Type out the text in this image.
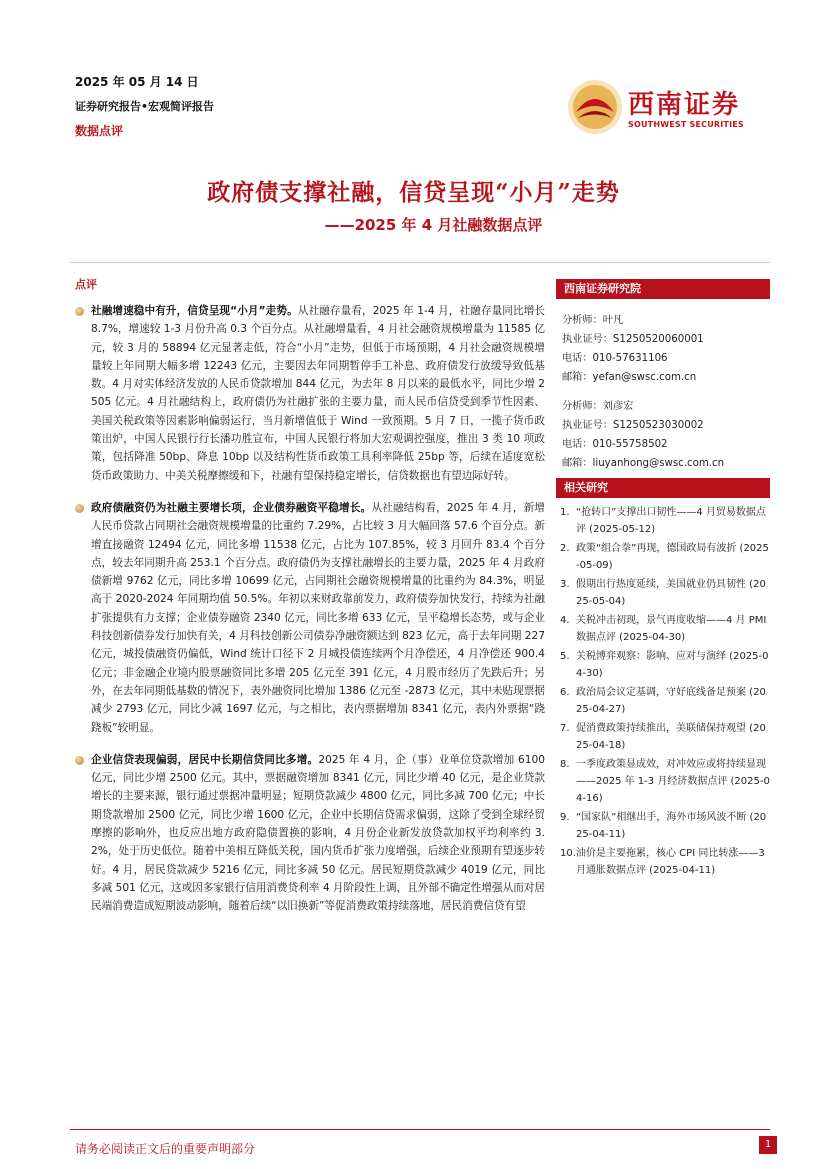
2025 年 05 月 14 日
证券研究报告•宏观简评报告
数据点评
西南证券
SOUTHWEST SECURITIES
政府债支撑社融，信贷呈现“小月”走势
——2025 年 4 月社融数据点评
点评
社融增速稳中有升，信贷呈现“小月”走势。从社融存量看，2025 年 1-4 月，社融存量同比增长 8.7%，增速较 1-3 月份升高 0.3 个百分点。从社融增量看，4 月社会融资规模增量为 11585 亿元，较 3 月的 58894 亿元显著走低，符合“小月”走势，但低于市场预期，4 月社会融资规模增量较上年同期大幅多增 12243 亿元，主要因去年同期暂停手工补息、政府债发行放缓导致低基数。4 月对实体经济发放的人民币贷款增加 844 亿元，为去年 8 月以来的最低水平，同比少增 2505 亿元。4 月社融结构上，政府债仍为社融扩张的主要力量，而人民币信贷受到季节性因素、美国关税政策等因素影响偏弱运行，当月新增值低于 Wind 一致预期。5 月 7 日，一揽子货币政策出炉，中国人民银行行长潘功胜宣布，中国人民银行将加大宏观调控强度，推出 3 类 10 项政策，包括降准 50bp、降息 10bp 以及结构性货币政策工具利率降低 25bp 等，后续在适度宽松货币政策助力、中美关税摩擦缓和下，社融有望保持稳定增长，信贷数据也有望边际好转。
政府债融资仍为社融主要增长项，企业债券融资平稳增长。从社融结构看，2025 年 4 月，新增人民币贷款占同期社会融资规模增量的比重约 7.29%，占比较 3 月大幅回落 57.6 个百分点。新增直接融资 12494 亿元，同比多增 11538 亿元，占比为 107.85%，较 3 月回升 83.4 个百分点，较去年同期升高 253.1 个百分点。政府债仍为支撑社融增长的主要力量，2025 年 4 月政府债新增 9762 亿元，同比多增 10699 亿元，占同期社会融资规模增量的比重约为 84.3%，明显高于 2020-2024 年同期均值 50.5%。年初以来财政靠前发力，政府债券加快发行，持续为社融扩张提供有力支撑；企业债券融资 2340 亿元，同比多增 633 亿元，呈平稳增长态势，或与企业科技创新债券发行加快有关，4 月科技创新公司债券净融资额达到 823 亿元，高于去年同期 227 亿元，城投债融资仍偏低，Wind 统计口径下 2 月城投债连续两个月净偿还，4 月净偿还 900.4 亿元；非金融企业境内股票融资同比多增 205 亿元至 391 亿元，4 月股市经历了先跌后升；另外，在去年同期低基数的情况下，表外融资同比增加 1386 亿元至 -2873 亿元，其中未贴现票据减少 2793 亿元，同比少减 1697 亿元，与之相比，表内票据增加 8341 亿元，表内外票据“跷跷板”较明显。
企业信贷表现偏弱，居民中长期信贷同比多增。2025 年 4 月，企（事）业单位贷款增加 6100 亿元，同比少增 2500 亿元。其中，票据融资增加 8341 亿元，同比少增 40 亿元，是企业贷款增长的主要来源，银行通过票据冲量明显；短期贷款减少 4800 亿元，同比多减 700 亿元；中长期贷款增加 2500 亿元，同比少增 1600 亿元，企业中长期信贷需求偏弱，这除了受到全球经贸摩擦的影响外，也反应出地方政府隐债置换的影响，4 月份企业新发放贷款加权平均利率约 3.2%，处于历史低位。随着中美相互降低关税，国内货币扩张力度增强，后续企业预期有望逐步转好。4 月，居民贷款减少 5216 亿元，同比多减 50 亿元。居民短期贷款减少 4019 亿元，同比多减 501 亿元，这或因多家银行信用消费贷利率 4 月阶段性上调，且外部不确定性增强从而对居民端消费造成短期波动影响，随着后续“以旧换新”等促消费政策持续落地，居民消费信贷有望
西南证券研究院
分析师：叶凡
执业证号：S1250520060001
电话：010-57631106
邮箱：yefan@swsc.com.cn
分析师：刘彦宏
执业证号：S1250523030002
电话：010-55758502
邮箱：liuyanhong@swsc.com.cn
相关研究
1. “抢转口”支撑出口韧性——4 月贸易数据点评 (2025-05-12)
2. 政策“组合拳”再现，德国政局有波折 (2025-05-09)
3. 假期出行热度延续，美国就业仍具韧性 (2025-05-04)
4. 关税冲击初现，景气再度收缩——4 月 PMI 数据点评 (2025-04-30)
5. 关税博弈观察：影响、应对与演绎 (2025-04-30)
6. 政治局会议定基调，守好底线备足预案 (2025-04-27)
7. 促消费政策持续推出，美联储保持观望 (2025-04-18)
8. 一季度政策显成效，对冲效应或将持续显现——2025 年 1-3 月经济数据点评 (2025-04-16)
9. “国家队”相继出手，海外市场风波不断 (2025-04-11)
10. 油价是主要拖累，核心 CPI 同比转涨——3 月通胀数据点评 (2025-04-11)
请务必阅读正文后的重要声明部分	1
